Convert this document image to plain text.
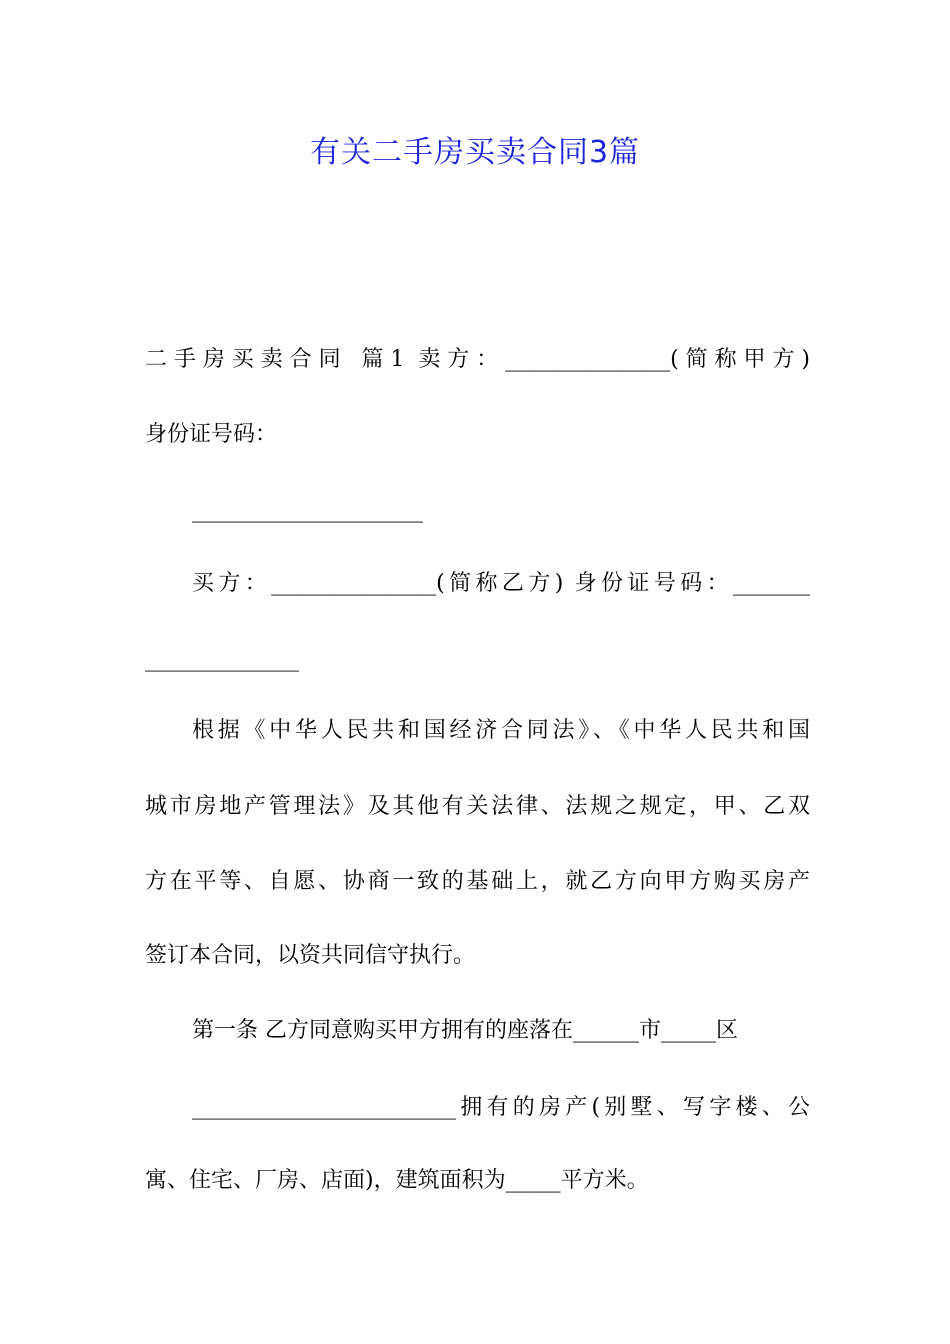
有关二手房买卖合同3篇
二手房买卖合同 篇1 卖方：_______________(简称甲方)
身份证号码：
_____________________
买方：_______________(简称乙方) 身份证号码：_______
______________
根据《中华人民共和国经济合同法》、《中华人民共和国
城市房地产管理法》及其他有关法律、法规之规定，甲、乙双
方在平等、自愿、协商一致的基础上，就乙方向甲方购买房产
签订本合同，以资共同信守执行。
第一条 乙方同意购买甲方拥有的座落在______市_____区
________________________拥有的房产(别墅、写字楼、公
寓、住宅、厂房、店面)，建筑面积为_____平方米。
